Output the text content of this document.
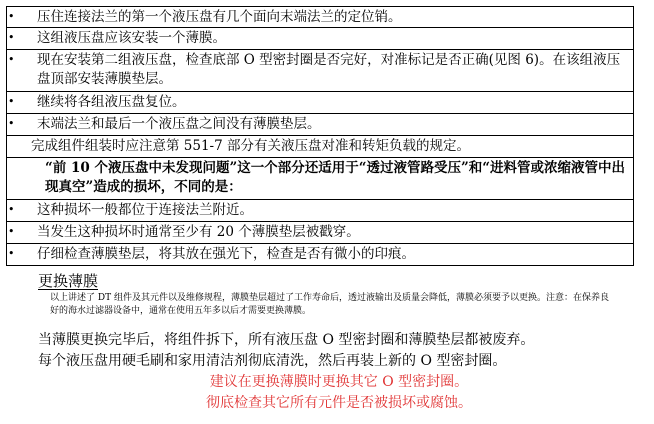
• 压住连接法兰的第一个液压盘有几个面向末端法兰的定位销。
• 这组液压盘应该安装一个薄膜。
• 现在安装第二组液压盘，检查底部 O 型密封圈是否完好，对准标记是否正确(见图 6)。在该组液压盘顶部安装薄膜垫层。
• 继续将各组液压盘复位。
• 末端法兰和最后一个液压盘之间没有薄膜垫层。
完成组件组装时应注意第 551-7 部分有关液压盘对准和转矩负载的规定。
“前 10 个液压盘中未发现问题”这一个部分还适用于“透过液管路受压”和“进料管或浓缩液管中出现真空”造成的损坏，不同的是：
• 这种损坏一般都位于连接法兰附近。
• 当发生这种损坏时通常至少有 20 个薄膜垫层被戳穿。
• 仔细检查薄膜垫层，将其放在强光下，检查是否有微小的印痕。
更换薄膜
以上讲述了 DT 组件及其元件以及维修规程，薄膜垫层超过了工作寿命后，透过液输出及质量会降低，薄膜必须要予以更换。注意：在保养良好的海水过滤器设备中，通常在使用五年多以后才需要更换薄膜。
当薄膜更换完毕后，将组件拆下，所有液压盘 O 型密封圈和薄膜垫层都被废弃。
每个液压盘用硬毛刷和家用清洁剂彻底清洗，然后再装上新的 O 型密封圈。
建议在更换薄膜时更换其它 O 型密封圈。
彻底检查其它所有元件是否被损坏或腐蚀。
